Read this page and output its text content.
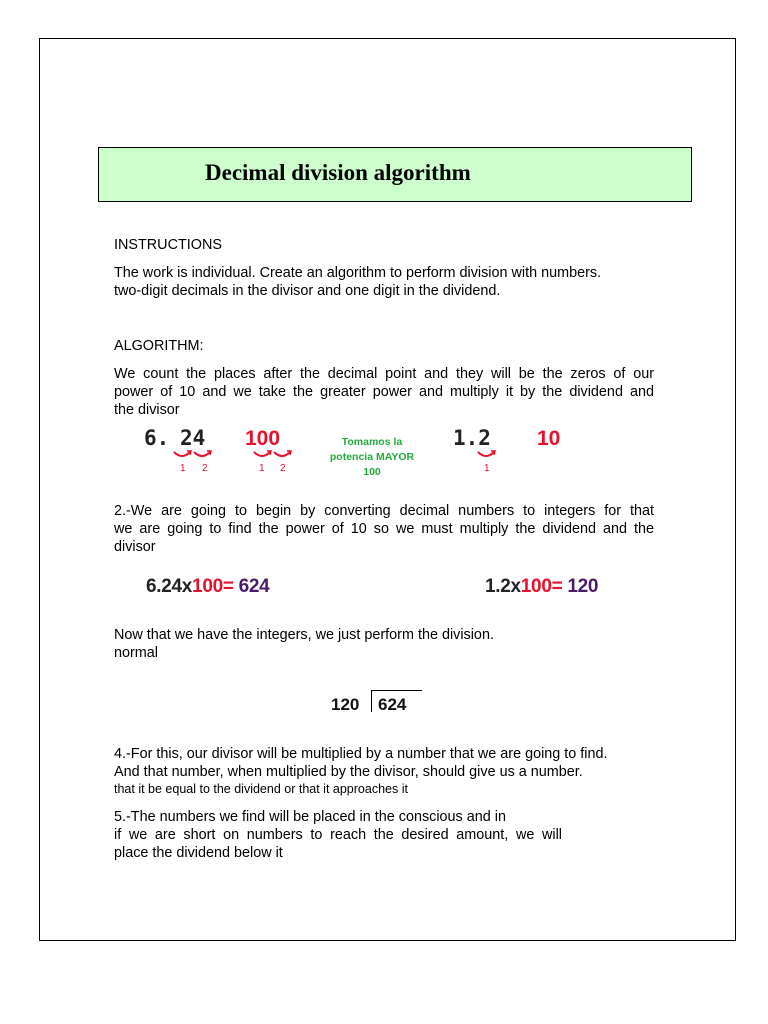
Decimal division algorithm

INSTRUCTIONS

The work is individual. Create an algorithm to perform division with numbers.

two-digit decimals in the divisor and one digit in the dividend.

ALGORITHM:

We count the places after the decimal point and they will be the zeros of our

power of 10 and we take the greater power and multiply it by the dividend and

the divisor

6. 24
1 2
100
1 2
Tomamos la
potencia MAYOR
100
1.2
1
10

2.-We are going to begin by converting decimal numbers to integers for that

we are going to find the power of 10 so we must multiply the dividend and the

divisor

6.24x100= 624	1.2x100= 120

Now that we have the integers, we just perform the division.

normal

120 624

4.-For this, our divisor will be multiplied by a number that we are going to find.

And that number, when multiplied by the divisor, should give us a number.

that it be equal to the dividend or that it approaches it

5.-The numbers we find will be placed in the conscious and in

if we are short on numbers to reach the desired amount, we will

place the dividend below it
